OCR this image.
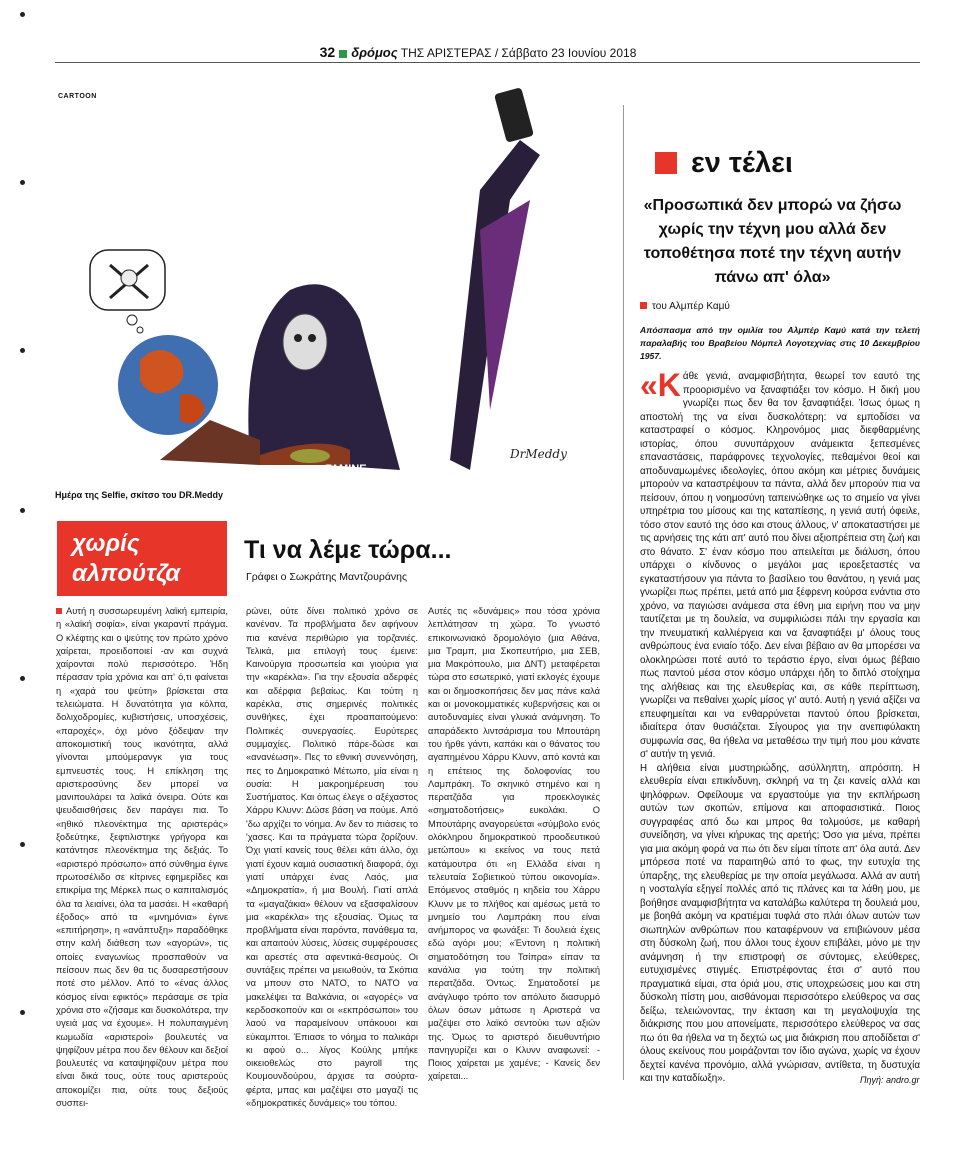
32 δρόμος ΤΗΣ ΑΡΙΣΤΕΡΑΣ / Σάββατο 23 Ιουνίου 2018
CARTOON
FAMINE
DrMeddy
Ημέρα της Selfie, σκίτσο του DR.Meddy
εν τέλει
«Προσωπικά δεν μπορώ να ζήσω χωρίς την τέχνη μου αλλά δεν τοποθέτησα ποτέ την τέχνη αυτήν πάνω απ' όλα»
του Αλμπέρ Καμύ
Απόσπασμα από την ομιλία του Αλμπέρ Καμύ κατά την τελετή παραλαβής του Βραβείου Νόμπελ Λογοτεχνίας στις 10 Δεκεμβρίου 1957.

«Κάθε γενιά, αναμφισβήτητα, θεωρεί τον εαυτό της προορισμένο να ξαναφτιάξει τον κόσμο. Η δική μου γνωρίζει πως δεν θα τον ξαναφτιάξει. Ίσως όμως η αποστολή της να είναι δυσκολότερη: να εμποδίσει να καταστραφεί ο κόσμος. Κληρονόμος μιας διεφθαρμένης ιστορίας, όπου συνυπάρχουν ανάμεικτα ξεπεσμένες επαναστάσεις, παράφρονες τεχνολογίες, πεθαμένοι θεοί και αποδυναμωμένες ιδεολογίες, όπου ακόμη και μέτριες δυνάμεις μπορούν να καταστρέψουν τα πάντα, αλλά δεν μπορούν πια να πείσουν, όπου η νοημοσύνη ταπεινώθηκε ως το σημείο να γίνει υπηρέτρια του μίσους και της καταπίεσης, η γενιά αυτή όφειλε, τόσο στον εαυτό της όσο και στους άλλους, ν' αποκαταστήσει με τις αρνήσεις της κάτι απ' αυτό που δίνει αξιοπρέπεια στη ζωή και στο θάνατο. Σ' έναν κόσμο που απειλείται με διάλυση, όπου υπάρχει ο κίνδυνος ο μεγάλοι μας ιεροεξεταστές να εγκαταστήσουν για πάντα το βασίλειο του θανάτου, η γενιά μας γνωρίζει πως πρέπει, μετά από μια ξέφρενη κούρσα ενάντια στο χρόνο, να παγιώσει ανάμεσα στα έθνη μια ειρήνη που να μην ταυτίζεται με τη δουλεία, να συμφιλιώσει πάλι την εργασία και την πνευματική καλλιέργεια και να ξαναφτιάξει μ' όλους τους ανθρώπους ένα ενιαίο τόξο. Δεν είναι βέβαιο αν θα μπορέσει να ολοκληρώσει ποτέ αυτό το τεράστιο έργο, είναι όμως βέβαιο πως παντού μέσα στον κόσμο υπάρχει ήδη το διπλό στοίχημα της αλήθειας και της ελευθερίας και, σε κάθε περίπτωση, γνωρίζει να πεθαίνει χωρίς μίσος γι' αυτό. Αυτή η γενιά αξίζει να επευφημείται και να ενθαρρύνεται παντού όπου βρίσκεται, ιδιαίτερα όταν θυσιάζεται. Σίγουρος για την ανεπιφύλακτη συμφωνία σας, θα ήθελα να μεταθέσω την τιμή που μου κάνατε σ' αυτήν τη γενιά.

Η αλήθεια είναι μυστηριώδης, ασύλληπτη, απρόσιτη. Η ελευθερία είναι επικίνδυνη, σκληρή να τη ζει κανείς αλλά και ψηλόφρων. Οφείλουμε να εργαστούμε για την εκπλήρωση αυτών των σκοπών, επίμονα και αποφασιστικά. Ποιος συγγραφέας από δω και μπρος θα τολμούσε, με καθαρή συνείδηση, να γίνει κήρυκας της αρετής; Όσο για μένα, πρέπει για μια ακόμη φορά να πω ότι δεν είμαι τίποτε απ' όλα αυτά. Δεν μπόρεσα ποτέ να παραιτηθώ από το φως, την ευτυχία της ύπαρξης, της ελευθερίας με την οποία μεγάλωσα. Αλλά αν αυτή η νοσταλγία εξηγεί πολλές από τις πλάνες και τα λάθη μου, με βοήθησε αναμφισβήτητα να καταλάβω καλύτερα τη δουλειά μου, με βοηθά ακόμη να κρατιέμαι τυφλά στο πλάι όλων αυτών των σιωπηλών ανθρώπων που καταφέρνουν να επιβιώνουν μέσα στη δύσκολη ζωή, που άλλοι τους έχουν επιβάλει, μόνο με την ανάμνηση ή την επιστροφή σε σύντομες, ελεύθερες, ευτυχισμένες στιγμές. Επιστρέφοντας έτσι σ' αυτό που πραγματικά είμαι, στα όριά μου, στις υποχρεώσεις μου και στη δύσκολη πίστη μου, αισθάνομαι περισσότερο ελεύθερος να σας δείξω, τελειώνοντας, την έκταση και τη μεγαλοψυχία της διάκρισης που μου απονείματε, περισσότερο ελεύθερος να σας πω ότι θα ήθελα να τη δεχτώ ως μια διάκριση που αποδίδεται σ' όλους εκείνους που μοιράζονται τον ίδιο αγώνα, χωρίς να έχουν δεχτεί κανένα προνόμιο, αλλά γνώρισαν, αντίθετα, τη δυστυχία και την καταδίωξη».	Πηγή: andro.gr
χωρίς
αλπούτζα
Τι να λέμε τώρα...
Γράφει ο Σωκράτης Μαντζουράνης

Αυτή η συσσωρευμένη λαϊκή εμπειρία, η «λαϊκή σοφία», είναι γκαραντί πράγμα. Ο κλέφτης και ο ψεύτης τον πρώτο χρόνο χαίρεται, προειδοποιεί -αν και συχνά χαίρονται πολύ περισσότερο. Ήδη πέρασαν τρία χρόνια και απ' ό,τι φαίνεται η «χαρά του ψεύτη» βρίσκεται στα τελειώματα. Η δυνατότητα για κόλπα, δολιχοδρομίες, κυβιστήσεις, υποσχέσεις, «παροχές», όχι μόνο ξόδεψαν την αποκομιστική τους ικανότητα, αλλά γίνονται μπούμερανγκ για τους εμπνευστές τους. Η επίκληση της αριστεροσύνης δεν μπορεί να μανιπουλάρει τα λαϊκά όνειρα. Ούτε και ψευδαισθήσεις δεν παράγει πια. Το «ηθικό πλεονέκτημα της αριστεράς» ξοδεύτηκε, ξεφτιλιστηκε γρήγορα και κατάντησε πλεονέκτημα της δεξιάς. Το «αριστερό πρόσωπο» από σύνθημα έγινε πρωτοσέλιδο σε κίτρινες εφημερίδες και επικρίμα της Μέρκελ πως ο καπιταλισμός όλα τα λειαίνει, όλα τα μασάει. Η «καθαρή έξοδος» από τα «μνημόνια» έγινε «επιτήρηση», η «ανάπτυξη» παραδόθηκε στην καλή διάθεση των «αγορών», τις οποίες εναγωνίως προσπαθούν να πείσουν πως δεν θα τις δυσαρεστήσουν ποτέ στο μέλλον. Από το «ένας άλλος κόσμος είναι εφικτός» περάσαμε σε τρία χρόνια στο «ζήσαμε και δυσκολότερα, την υγειά μας να έχουμε». Η πολυπαιγμένη κωμωδία «αριστεροί» βουλευτές να ψηφίζουν μέτρα που δεν θέλουν και δεξιοί βουλευτές να καταψηφίζουν μέτρα που είναι δικά τους, ούτε τους αριστερούς αποκομίζει πια, ούτε τους δεξιούς συσπει-

ρώνει, ούτε δίνει πολιτικό χρόνο σε κανέναν. Τα προβλήματα δεν αφήνουν πια κανένα περιθώριο για τορζανιές. Τελικά, μια επιλογή τους έμεινε: Καινούργια προσωπεία και γιούρια για την «καρέκλα». Για την εξουσία αδερφές και αδέρφια βεβαίως. Και τούτη η καρέκλα, στις σημερινές πολιτικές συνθήκες, έχει προαπαιτούμενο: Πολιτικές συνεργασίες. Ευρύτερες συμμαχίες. Πολιτικό πάρε-δώσε και «ανανέωση». Πες το εθνική συνεννόηση, πες το Δημοκρατικό Μέτωπο, μία είναι η ουσία: Η μακροημέρευση του Συστήματος. Και όπως έλεγε ο αξέχαστος Χάρρυ Κλυνν: Δώσε βάση να πούμε. Από 'δω αρχίζει το νόημα. Αν δεν το πιάσεις το 'χασες. Και τα πράγματα τώρα ζορίζουν. Όχι γιατί κανείς τους θέλει κάτι άλλο, όχι γιατί έχουν καμιά ουσιαστική διαφορά, όχι γιατί υπάρχει ένας Λαός, μια «Δημοκρατία», ή μια Βουλή. Γιατί απλά τα «μαγαζάκια» θέλουν να εξασφαλίσουν μια «καρέκλα» της εξουσίας. Όμως τα προβλήματα είναι παρόντα, πανάθεμα τα, και απαιτούν λύσεις, λύσεις συμφέρουσες και αρεστές στα αφεντικά-θεσμούς. Οι συντάξεις πρέπει να μειωθούν, τα Σκόπια να μπουν στο ΝΑΤΟ, το ΝΑΤΟ να μακελέψει τα Βαλκάνια, οι «αγορές» να κερδοσκοπούν και οι «εκπρόσωποι» του λαού να παραμείνουν υπάκουοι και εύκαμπτοι. Έπιασε το νόημα το παλικάρι κι αφού ο... λίγος Κούλης μπήκε οικειοθελώς στο payroll της Κουμουνδούρου, άρχισε τα σούρτα-φέρτα, μπας και μαζέψει στο μαγαζί τις «δημοκρατικές δυνάμεις» του τόπου.

Αυτές τις «δυνάμεις» που τόσα χρόνια λεπλάτησαν τη χώρα. Το γνωστό επικοινωνιακό δρομολόγιο (μια Αθάνα, μια Τραμπ, μια Σκοπευτήριο, μια ΣΕΒ, μια Μακρόπουλο, μια ΔΝΤ) μεταφέρεται τώρα στο εσωτερικό, γιατί εκλογές έχουμε και οι δημοσκοπήσεις δεν μας πάνε καλά και οι μονοκομματικές κυβερνήσεις και οι αυτοδυναμίες είναι γλυκιά ανάμνηση. Το απαράδεκτο λιντσάρισμα του Μπουτάρη του ήρθε γάντι, καπάκι και ο θάνατος του αγαπημένου Χάρρυ Κλυνν, από κοντά και η επέτειος της δολοφονίας του Λαμπράκη. Το σκηνικό στημένο και η περατζάδα για προεκλογικές «σηματοδοτήσεις» ευκολάκι. Ο Μπουτάρης αναγορεύεται «σύμβολο ενός ολόκληρου δημοκρατικού προοδευτικού μετώπου» κι εκείνος να τους πετά κατάμουτρα ότι «η Ελλάδα είναι η τελευταία Σοβιετικού τύπου οικονομία». Επόμενος σταθμός η κηδεία του Χάρρυ Κλυνν με το πλήθος και αμέσως μετά το μνημείο του Λαμπράκη που είναι ανήμπορος να φωνάξει: Τι δουλειά έχεις εδώ αγόρι μου; «Έντονη η πολιτική σηματοδότηση του Τσίπρα» είπαν τα κανάλια για τούτη την πολιτική περατζάδα. Όντως. Σηματοδοτεί με ανάγλυφο τρόπο τον απόλυτο διασυρμό όλων όσων μάτωσε η Αριστερά να μαζέψει στο λαϊκό σεντούκι των αξιών της. Όμως το αριστερό διευθυντήριο πανηγυρίζει και ο Κλυνν αναφωνεί: - Ποιος χαίρεται με χαμένε; - Κανείς δεν χαίρεται...
